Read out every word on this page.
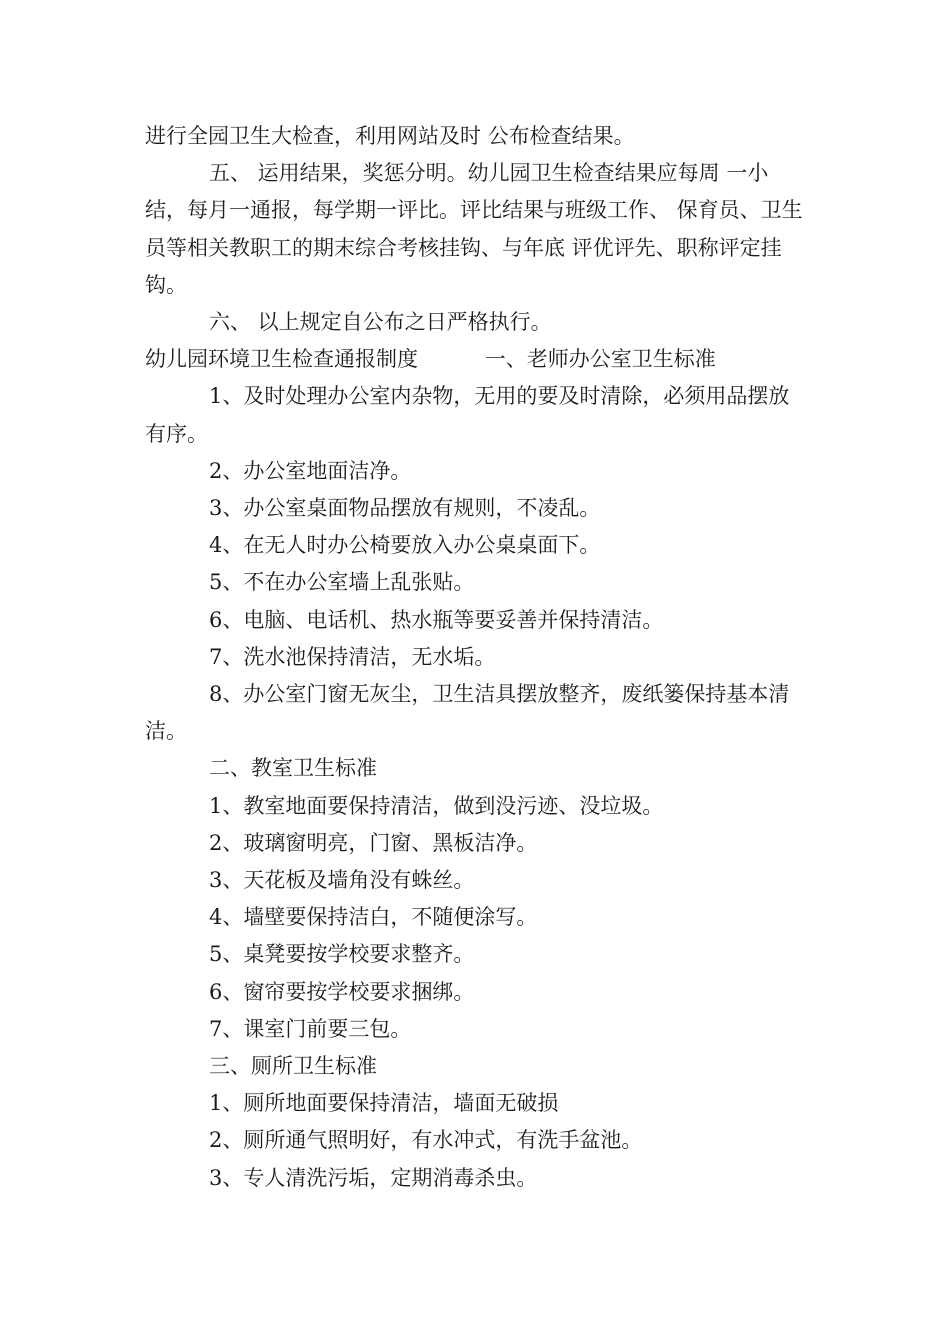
进行全园卫生大检查，利用网站及时 公布检查结果。

五、 运用结果，奖惩分明。幼儿园卫生检查结果应每周 一小结，每月一通报，每学期一评比。评比结果与班级工作、 保育员、卫生员等相关教职工的期末综合考核挂钩、与年底 评优评先、职称评定挂钩。

六、 以上规定自公布之日严格执行。

幼儿园环境卫生检查通报制度          一、老师办公室卫生标准

1、及时处理办公室内杂物，无用的要及时清除，必须用品摆放有序。

2、办公室地面洁净。

3、办公室桌面物品摆放有规则，不凌乱。

4、在无人时办公椅要放入办公桌桌面下。

5、不在办公室墙上乱张贴。

6、电脑、电话机、热水瓶等要妥善并保持清洁。

7、洗水池保持清洁，无水垢。

8、办公室门窗无灰尘，卫生洁具摆放整齐，废纸篓保持基本清洁。

二、教室卫生标准

1、教室地面要保持清洁，做到没污迹、没垃圾。

2、玻璃窗明亮，门窗、黑板洁净。

3、天花板及墙角没有蛛丝。

4、墙壁要保持洁白，不随便涂写。

5、桌凳要按学校要求整齐。

6、窗帘要按学校要求捆绑。

7、课室门前要三包。

三、厕所卫生标准

1、厕所地面要保持清洁，墙面无破损

2、厕所通气照明好，有水冲式，有洗手盆池。

3、专人清洗污垢，定期消毒杀虫。
